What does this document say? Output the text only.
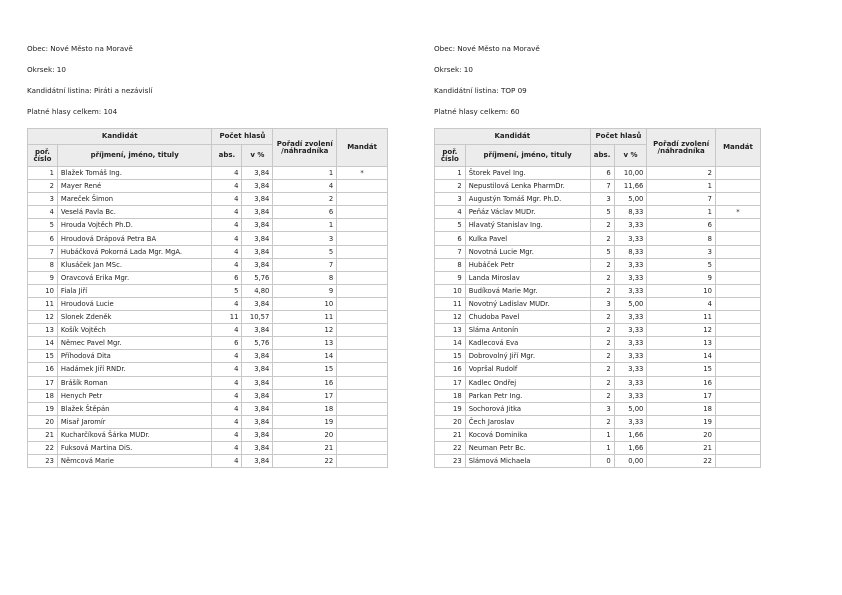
Obec: Nové Město na Moravě
Okrsek: 10
Kandidátní listina: Piráti a nezávislí
Platné hlasy celkem: 104
Kandidát		Počet hlasů		Pořadí zvolení /náhradníka	Mandát
poř. číslo	příjmení, jméno, tituly	abs.	v %		
1	Blažek Tomáš Ing.	4	3,84	1	*
2	Mayer René	4	3,84	4	
3	Mareček Šimon	4	3,84	2	
4	Veselá Pavla Bc.	4	3,84	6	
5	Hrouda Vojtěch Ph.D.	4	3,84	1	
6	Hroudová Drápová Petra BA	4	3,84	3	
7	Hubáčková Pokorná Lada Mgr. MgA.	4	3,84	5	
8	Klusáček Jan MSc.	4	3,84	7	
9	Oravcová Erika Mgr.	6	5,76	8	
10	Fiala Jiří	5	4,80	9	
11	Hroudová Lucie	4	3,84	10	
12	Slonek Zdeněk	11	10,57	11	
13	Košík Vojtěch	4	3,84	12	
14	Němec Pavel Mgr.	6	5,76	13	
15	Příhodová Dita	4	3,84	14	
16	Hadámek Jiří RNDr.	4	3,84	15	
17	Brášík Roman	4	3,84	16	
18	Henych Petr	4	3,84	17	
19	Blažek Štěpán	4	3,84	18	
20	Misař Jaromír	4	3,84	19	
21	Kucharčíková Šárka MUDr.	4	3,84	20	
22	Fuksová Martina DiS.	4	3,84	21	
23	Němcová Marie	4	3,84	22	
Obec: Nové Město na Moravě
Okrsek: 10
Kandidátní listina: TOP 09
Platné hlasy celkem: 60
Kandidát		Počet hlasů		Pořadí zvolení /náhradníka	Mandát
poř. číslo	příjmení, jméno, tituly	abs.	v %		
1	Štorek Pavel Ing.	6	10,00	2	
2	Nepustilová Lenka PharmDr.	7	11,66	1	
3	Augustýn Tomáš Mgr. Ph.D.	3	5,00	7	
4	Peňáz Václav MUDr.	5	8,33	1	*
5	Hlavatý Stanislav Ing.	2	3,33	6	
6	Kulka Pavel	2	3,33	8	
7	Novotná Lucie Mgr.	5	8,33	3	
8	Hubáček Petr	2	3,33	5	
9	Landa Miroslav	2	3,33	9	
10	Budíková Marie Mgr.	2	3,33	10	
11	Novotný Ladislav MUDr.	3	5,00	4	
12	Chudoba Pavel	2	3,33	11	
13	Sláma Antonín	2	3,33	12	
14	Kadlecová Eva	2	3,33	13	
15	Dobrovolný Jiří Mgr.	2	3,33	14	
16	Vopršal Rudolf	2	3,33	15	
17	Kadlec Ondřej	2	3,33	16	
18	Parkan Petr Ing.	2	3,33	17	
19	Sochorová Jitka	3	5,00	18	
20	Čech Jaroslav	2	3,33	19	
21	Kocová Dominika	1	1,66	20	
22	Neuman Petr Bc.	1	1,66	21	
23	Slámová Michaela	0	0,00	22	
